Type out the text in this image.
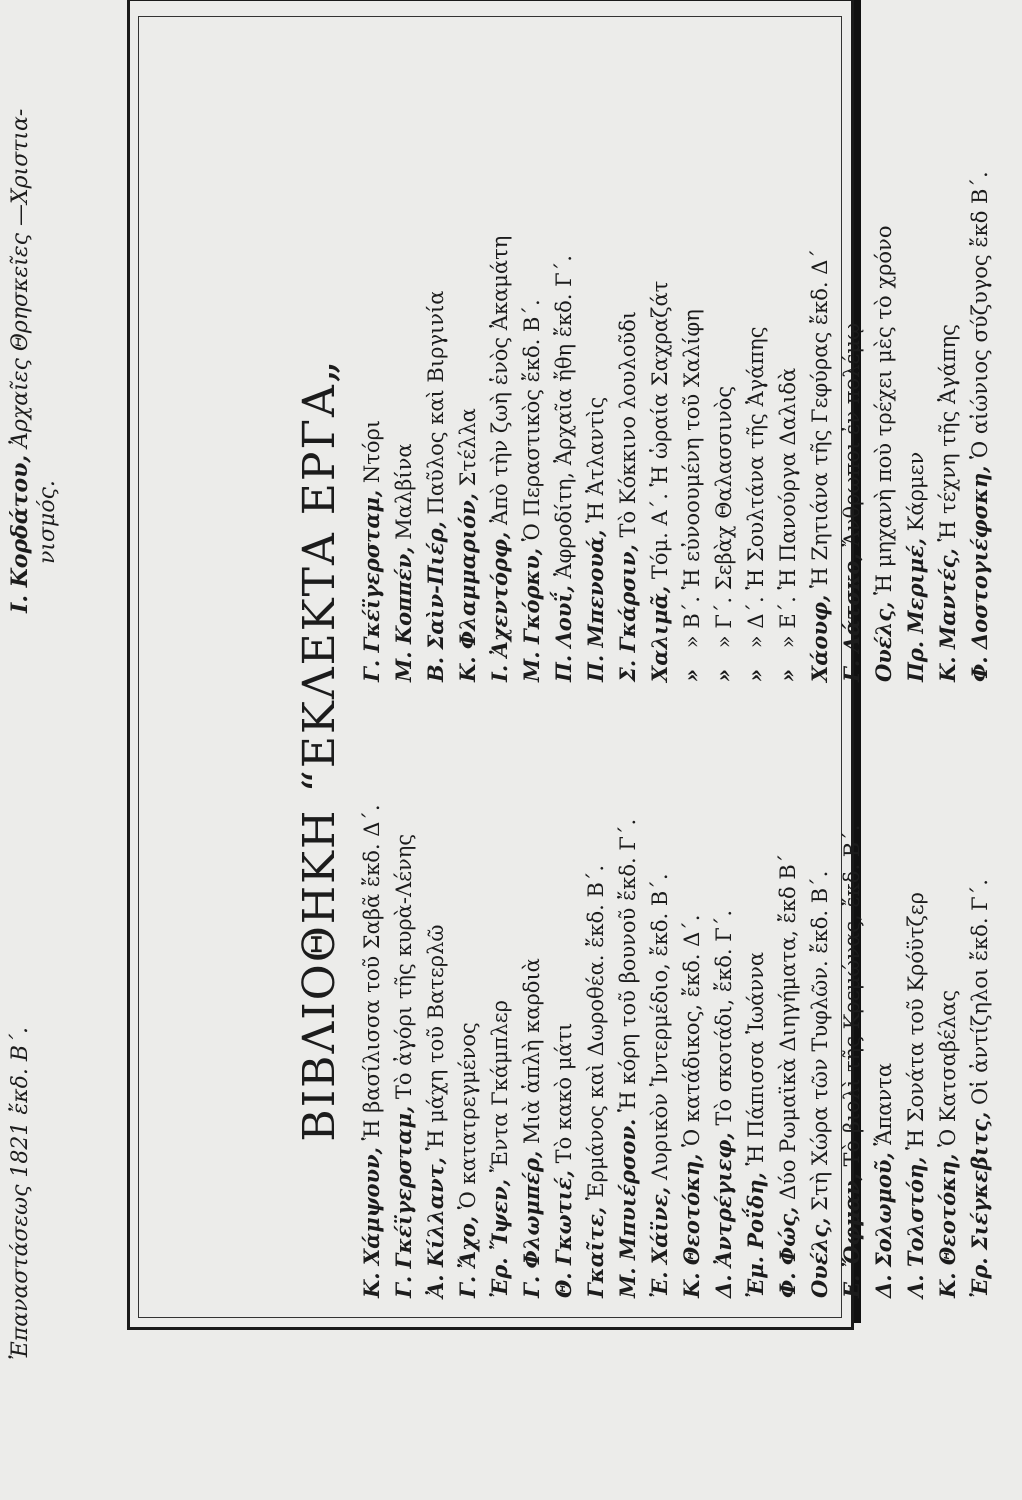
Ἐπαναστάσεως 1821 ἔκδ. Β΄.  Ι. Κορδάτου, Ἀρχαῖες Θρησκεῖες —Χριστια-
νισμός.	ΒΙΒΛΙΟΘΗΚΗ “ΕΚΛΕΚΤΑ ΕΡΓΑ„
Κ. Χάμψουν, Ἡ βασίλισσα τοῦ Σαβᾶ ἔκδ. Δ΄.
Γ. Γκέϊγερσταμ, Τὸ ἀγόρι τῆς κυρὰ-Λένης
Ἀ. Κίλλαντ, Ἡ μάχη τοῦ Βατερλῶ
Γ. Ἄχο, Ὁ κατατρεγμένος
Ἐρ. Ἴψεν, Ἔντα Γκάμπλερ
Γ. Φλωμπέρ, Μιὰ ἁπλὴ καρδιὰ
Θ. Γκωτιέ, Τὸ κακὸ μάτι
Γκαῖτε, Ἑρμάνος καὶ Δωροθέα. ἔκδ. Β΄.
Μ. Μπυιέρσον. Ἡ κόρη τοῦ βουνοῦ ἔκδ. Γ΄.
Ἐ. Χάϊνε, Λυρικὸν Ἰντερμέδιο, ἔκδ. Β΄.
Κ. Θεοτόκη, Ὁ κατάδικος, ἔκδ. Δ΄.
Δ. Ἀντρέγιεφ, Τὸ σκοτάδι, ἔκδ. Γ΄.
Ἐμ. Ροΐδη, Ἡ Πάπισσα Ἰωάννα
Φ. Φώς, Δύο Ρωμαϊκὰ Διηγήματα, ἔκδ Β΄
Ουέλς, Στὴ Χώρα τῶν Τυφλῶν. ἔκδ. Β΄.
Ε. Ὄφμαν, Τὸ βιολὶ τῆς Κρεμώνας, ἔκδ. Β΄.
Δ. Σολωμοῦ, Ἅπαντα
Λ. Τολστόη, Ἡ Σονάτα τοῦ Κρόϋτζερ
Κ. Θεοτόκη, Ὁ Κατσαβέλας
Ἐρ. Σιέγκεβιτς, Οἱ ἀντίζηλοι ἔκδ. Γ΄.
Γ. Γκέϊγερσταμ, Ντόρι
Μ. Κοππέν, Μαλβίνα
Β. Σαὶν-Πιέρ, Παῦλος καὶ Βιργινία
Κ. Φλαμμαριόν, Στέλλα
Ι. Ἀχεντόρφ, Ἀπὸ τὴν ζωὴ ἑνὸς Ἀκαμάτη
Μ. Γκόρκυ, Ὁ Περαστικὸς ἔκδ. Β΄.
Π. Λουΐ, Ἀφροδίτη, Ἀρχαῖα ἤθη ἔκδ. Γ΄.
Π. Μπενουά, Ἡ Ἀτλαντὶς
Σ. Γκάρσιν, Τὸ Κόκκινο λουλοῦδι
Χαλιμᾶ, Τόμ. Α΄. Ἡ ὡραία Σαχραζάτ
» » Β΄. Ἡ εὐνοουμένη τοῦ Χαλίφη
» » Γ΄. Σεβὰχ Θαλασσινὸς
» » Δ΄. Ἡ Σουλτάνα τῆς Ἀγάπης
» » Ε΄. Ἡ Πανούργα Δαλιδὰ Χάουφ, Ἡ Ζητιάνα τῆς Γεφύρας ἔκδ. Δ΄
Γ. Λάτσκο, Ἄνθρωποι ἐν πολέμῳ
Ουέλς, Ἡ μηχανὴ ποὺ τρέχει μὲς τὸ χρόνο
Πρ. Μεριμέ, Κάρμεν
Κ. Μαντές, Ἡ τέχνη τῆς Ἀγάπης
Φ. Δοστογιέφσκη, Ὁ αἰώνιος σύζυγος ἔκδ Β΄.
